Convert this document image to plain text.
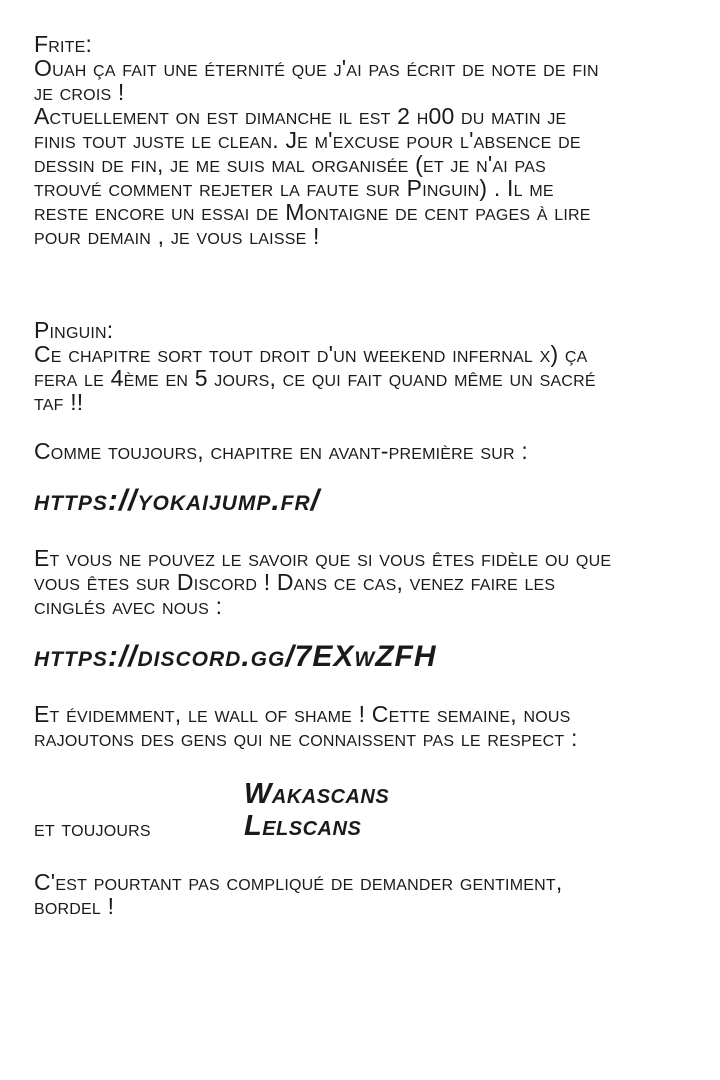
Frite:
Ouah ça fait une éternité que j'ai pas écrit de note de fin
je crois !
Actuellement on est dimanche il est 2 h00 du matin je
finis tout juste le clean. Je m'excuse pour l'absence de
dessin de fin, je me suis mal organisée (et je n'ai pas
trouvé comment rejeter la faute sur Pinguin) . Il me
reste encore un essai de Montaigne de cent pages à lire
pour demain , je vous laisse !
Pinguin:
Ce chapitre sort tout droit d'un weekend infernal x) ça
fera le 4ème en 5 jours, ce qui fait quand même un sacré
taf !!
Comme toujours, chapitre en avant-première sur :
https://yokaijump.fr/
Et vous ne pouvez le savoir que si vous êtes fidèle ou que
vous êtes sur Discord ! Dans ce cas, venez faire les
cinglés avec nous :
https://discord.gg/7EXwZFH
Et évidemment, le wall of shame ! Cette semaine, nous
rajoutons des gens qui ne connaissent pas le respect :
Wakascans
et toujours	Lelscans
C'est pourtant pas compliqué de demander gentiment,
bordel !
